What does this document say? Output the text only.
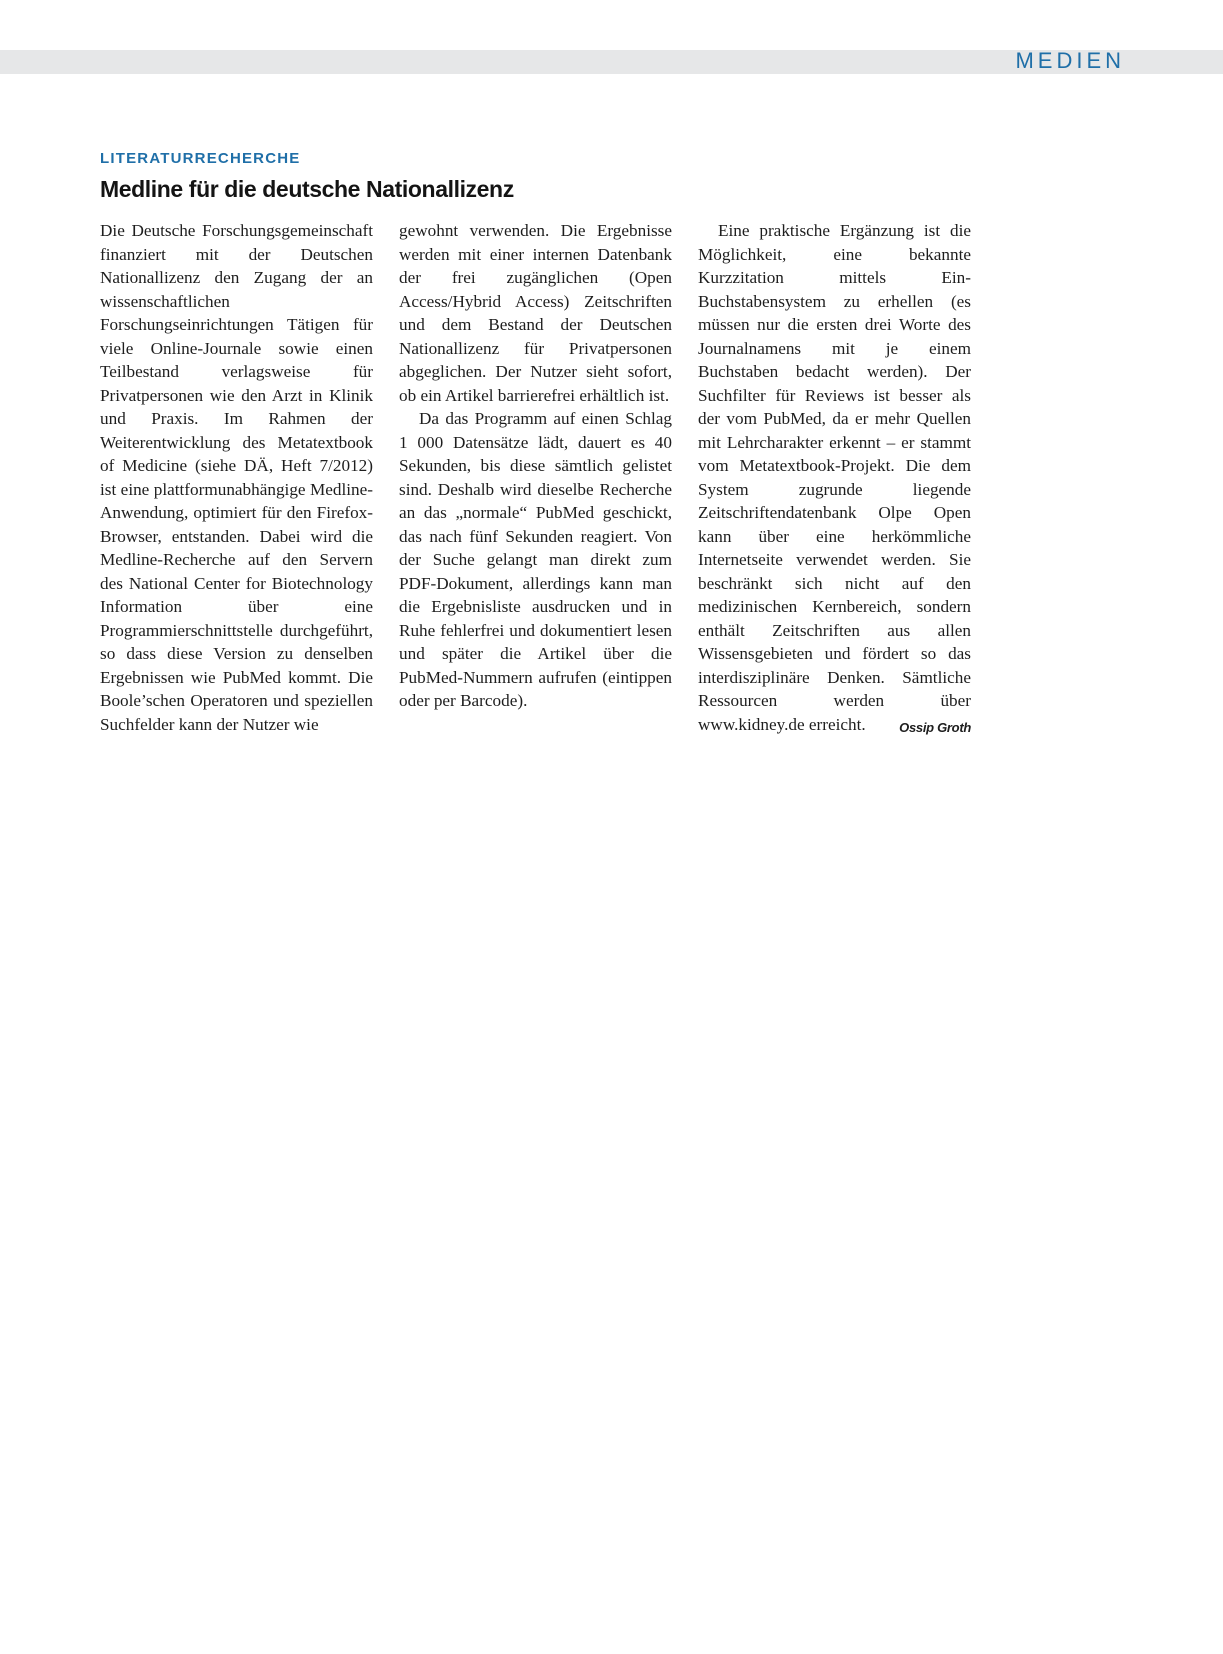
MEDIEN
LITERATURRECHERCHE
Medline für die deutsche Nationallizenz

Die Deutsche Forschungsgemeinschaft finanziert mit der Deutschen Nationallizenz den Zugang der an wissenschaftlichen Forschungseinrichtungen Tätigen für viele Online-Journale sowie einen Teilbestand verlagsweise für Privatpersonen wie den Arzt in Klinik und Praxis. Im Rahmen der Weiterentwicklung des Metatextbook of Medicine (siehe DÄ, Heft 7/2012) ist eine plattformunabhängige Medline-Anwendung, optimiert für den Firefox-Browser, entstanden. Dabei wird die Medline-Recherche auf den Servern des National Center for Biotechnology Information über eine Programmierschnittstelle durchgeführt, so dass diese Version zu denselben Ergebnissen wie PubMed kommt. Die Boole’schen Operatoren und speziellen Suchfelder kann der Nutzer wie

gewohnt verwenden. Die Ergebnisse werden mit einer internen Datenbank der frei zugänglichen (Open Access/Hybrid Access) Zeitschriften und dem Bestand der Deutschen Nationallizenz für Privatpersonen abgeglichen. Der Nutzer sieht sofort, ob ein Artikel barrierefrei erhältlich ist.

Da das Programm auf einen Schlag 1 000 Datensätze lädt, dauert es 40 Sekunden, bis diese sämtlich gelistet sind. Deshalb wird dieselbe Recherche an das „normale“ PubMed geschickt, das nach fünf Sekunden reagiert. Von der Suche gelangt man direkt zum PDF-Dokument, allerdings kann man die Ergebnisliste ausdrucken und in Ruhe fehlerfrei und dokumentiert lesen und später die Artikel über die PubMed-Nummern aufrufen (eintippen oder per Barcode).

Eine praktische Ergänzung ist die Möglichkeit, eine bekannte Kurzzitation mittels Ein-Buchstabensystem zu erhellen (es müssen nur die ersten drei Worte des Journalnamens mit je einem Buchstaben bedacht werden). Der Suchfilter für Reviews ist besser als der vom PubMed, da er mehr Quellen mit Lehrcharakter erkennt – er stammt vom Metatextbook-Projekt. Die dem System zugrunde liegende Zeitschriftendatenbank Olpe Open kann über eine herkömmliche Internetseite verwendet werden. Sie beschränkt sich nicht auf den medizinischen Kernbereich, sondern enthält Zeitschriften aus allen Wissensgebieten und fördert so das interdisziplinäre Denken. Sämtliche Ressourcen werden über www.kidney.de erreicht.	Ossip Groth
